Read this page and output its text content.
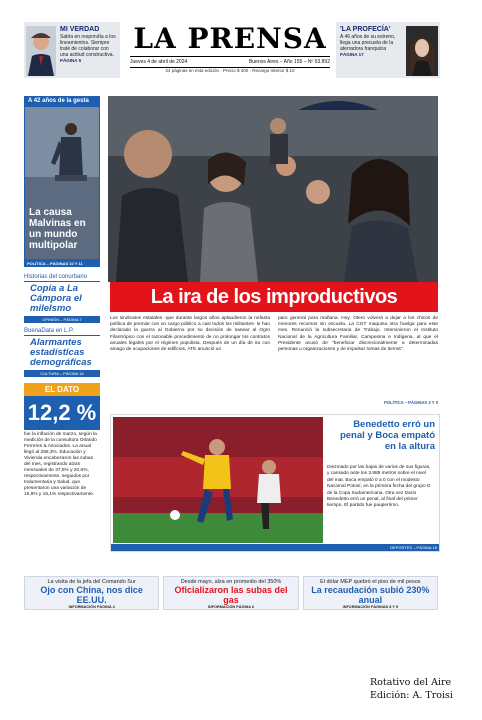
MI VERDAD
Sabía en respondía a los lineamientos. Siempre traté de colaborar con una actitud constructiva.
PÁGINA 5
LA PRENSA
Jueves 4 de abril de 2024	Buenos Aires – Año 155 – Nº 53.892
24 páginas en esta edición · Precio $ 400 · Recargo Interior $ 10
'LA PROFECÍA'
A 46 años de su estreno, llega una precuela de la aterradora franquicia
PÁGINA 17
A 42 años de la gesta
La causa Malvinas en un mundo multipolar
POLÍTICA – PÁGINAS 10 Y 11
Historias del conurbano
Copia a La Cámpora el milelsmo
OPINIÓN – PÁGINA 7
BuenaData en L.P.
Alarmantes estadísticas demográficas
CULTURA – PÁGINA 18
EL DATO
12,2 %
fue la inflación de marzo, según la medición de la consultora Orlando Ferreres & Asociados. La anual llegó al 288,3%. Educación y Vivienda encabezaron las subas del mes, registrando alzas mensuales de 37,5% y 20,6%, respectivamente, seguidos por Indumentaria y Salud, que presentaron una variación de 16,8% y 15,1% respectivamente.
La ira de los improductivos
Los sindicatos estatales -que durante largos años aplaudieron la nefasta política de premiar con un cargo público a casi todos los militantes- le han declarado la guerra al Gobierno por su decisión de sanear al Ogro Filantrópico con el razonable procedimiento de no prolongar los contratos anuales legales por el régimen populista. Después de un día de ira con amago de ocupaciones de edificios, ATE anunció un
paro general para mañana. Hoy, Otero volverá a dejar a los chicos de menores recursos sin escuela. La CGT maquina otra huelga para este mes. Renunció la subsecretaria de Trabajo. Intervinieron el Instituto Nacional de la Agricultura Familiar, Campesina e Indígena, al que el Presidente acusó de "beneficiar discrecionalmente a determinadas personas u organizaciones y de impulsar tomas de tierras".
POLÍTICA – PÁGINAS 2 Y 3
Benedetto erró un penal y Boca empató en la altura
Diezmado por las bajas de varios de sus figuras, y cansado ante los 3.885 metros sobre el nivel del mar, Boca empató 0 a 0 con el modesto Nacional Potosí, en la primera fecha del grupo D de la Copa Sudamericana. Otra vez Darío Benedetto erró un penal, al final del primer tiempo. El partido fue pauperrimo.
DEPORTES – PÁGINA 16
La visita de la jefa del Comando Sur
Ojo con China, nos dice EE.UU.
INFORMACIÓN PÁGINA 4
Desde mayo, alza en promedio del 350%
Oficializaron las subas del gas
INFORMACIÓN PÁGINA 6
El dólar MEP quebró el piso de mil pesos
La recaudación subió 230% anual
INFORMACIÓN PÁGINAS 8 Y 9
Rotativo del Aire
Edición: A. Troisi
